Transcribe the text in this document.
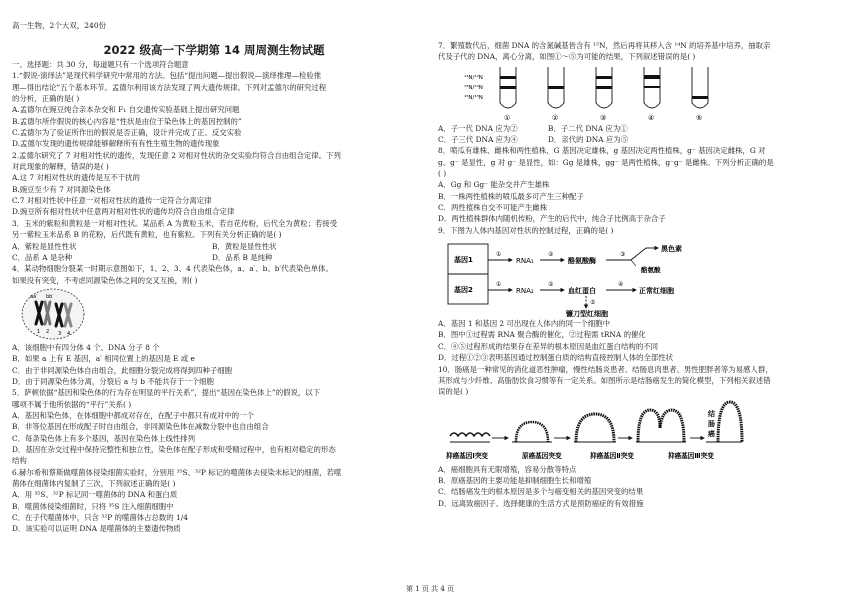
高一生物，2个大双，240份
2022 级高一下学期第 14 周周测生物试题
一、选择题：共 30 分，每道题只有一个选项符合题意
1.“假说-演绎法”是现代科学研究中常用的方法。包括“提出问题—提出假说—演绎推理—检验推
理—得出结论”五个基本环节。孟德尔利用该方法发现了两大遗传规律。下列对孟德尔的研究过程
的分析，正确的是( )
A.孟德尔在豌豆纯合亲本杂交和 F₁ 自交遗传实验基础上提出研究问题
B.孟德尔所作假说的核心内容是“性状是由位于染色体上的基因控制的”
C.孟德尔为了验证所作出的假说是否正确，设计并完成了正、反交实验
D.孟德尔发现的遗传规律能够解释所有有性生殖生物的遗传现象
2.孟德尔研究了 7 对相对性状的遗传，发现任意 2 对相对性状的杂交实验均符合自由组合定律。下列
对此现象的解释，错误的是( )
A.这 7 对相对性状的遗传是互不干扰的
B.豌豆至少有 7 对同源染色体
C.7 对相对性状中任意一对相对性状的遗传一定符合分离定律
D.豌豆所有相对性状中任意两对相对性状的遗传均符合自由组合定律
3．玉米的紫粒和黄粒是一对相对性状。某品系 A 为黄粒玉米，若自花传粉，后代全为黄粒；若接受
另一紫粒玉米品系 B 的花粉，后代既有黄粒，也有紫粒。下列有关分析正确的是( )
A．紫粒是显性性状	B．黄粒是显性性状
C．品系 A 是杂种	D．品系 B 是纯种
4．某动物细胞分裂某一时期示意图如下，1、2、3、4 代表染色体，a、a′、b、b′代表染色单体。
如果没有突变，不考虑同源染色体之间的交叉互换，则( )
aa′ bb′
1 2 3 4
A．该细胞中有四分体 4 个、DNA 分子 8 个
B．如果 a 上有 E 基因，a′ 相同位置上的基因是 E 或 e
C．由于非同源染色体自由组合，此细胞分裂完成将得到四种子细胞
D．由于同源染色体分离，分裂后 a 与 b 不能共存于一个细胞
5．萨顿依据“基因和染色体的行为存在明显的平行关系”，提出“基因在染色体上”的假说，以下
哪项不属于他所依据的“平行”关系( )
A．基因和染色体，在体细胞中都成对存在，在配子中都只有成对中的一个
B．非等位基因在形成配子时自由组合，非同源染色体在减数分裂中也自由组合
C．每条染色体上有多个基因，基因在染色体上线性排列
D．基因在杂交过程中保持完整性和独立性，染色体在配子形成和受精过程中，也有相对稳定的形态
结构
6.赫尔希和蔡斯做噬菌体侵染细菌实验时，分别用 ³⁵S、³²P 标记的噬菌体去侵染未标记的细菌，若噬
菌体在细菌体内复制了三次，下列叙述正确的是( )
A．用 ³⁵S、³²P 标记同一噬菌体的 DNA 和蛋白质
B．噬菌体侵染细菌时，只将 ³⁵S 注入细菌细胞中
C．在子代噬菌体中，只含 ³²P 的噬菌体占总数的 1/4
D．该实验可以证明 DNA 是噬菌体的主要遗传物质
7．繁殖数代后，细菌 DNA 的含氮碱基皆含有 ¹⁵N，然后再将其移入含 ¹⁴N 的培养基中培养，抽取亲
代及子代的 DNA，离心分离，如图①～⑤为可能的结果，下列叙述错误的是( )
¹⁴N/¹⁴N
¹⁵N/¹⁴N
¹⁵N/¹⁵N
①	②	③	④	⑤
A．子一代 DNA 应为②	B．子二代 DNA 应为①
C．子三代 DNA 应为④	D．亲代的 DNA 应为⑤
8．喷瓜有雄株、雌株和两性植株，G 基因决定雄株，g 基因决定两性植株，g⁻ 基因决定雌株，G 对
g、g⁻ 是显性，g 对 g⁻ 是显性，如：Gg 是雄株，gg⁻ 是两性植株，g⁻g⁻ 是雌株。下列分析正确的是
( )
A．Gg 和 Gg⁻ 能杂交并产生雄株
B．一株两性植株的喷瓜最多可产生三种配子
C．两性植株自交不可能产生雌株
D．两性植株群体内随机传粉，产生的后代中，纯合子比例高于杂合子
9．下图为人体内基因对性状的控制过程，正确的是( )
基因1
基因2
①
RNA₁
②
酪氨酸酶
黑色素
酪氨酸
①
RNA₂
②
血红蛋白
④
正常红细胞
⑤
镰刀型红细胞
③
A．基因 1 和基因 2 可出现在人体内的同一个细胞中
B．图中①过程需 RNA 聚合酶的催化，②过程需 tRNA 的催化
C．④⑤过程形成的结果存在差异的根本原因是血红蛋白结构的不同
D．过程①②③表明基因通过控制蛋白质的结构直接控制人体的全部性状
10．肠癌是一种常见的消化道恶性肿瘤，慢性结肠炎患者、结肠息肉患者、男性肥胖者等为易感人群，
其形成与少纤维、高脂肪饮食习惯等有一定关系。如图所示是结肠癌发生的简化模型，下列相关叙述错
误的是( )
结
肠
癌
抑癌基因Ⅰ突变	原癌基因突变	抑癌基因Ⅱ突变	抑癌基因Ⅲ突变
A．癌细胞具有无限增殖，容易分散等特点
B．原癌基因的主要功能是抑制细胞生长和增殖
C．结肠癌发生的根本原因是多个与癌变相关的基因突变的结果
D．远离致癌因子、选择健康的生活方式是预防癌症的有效措施
第 1 页 共 4 页
